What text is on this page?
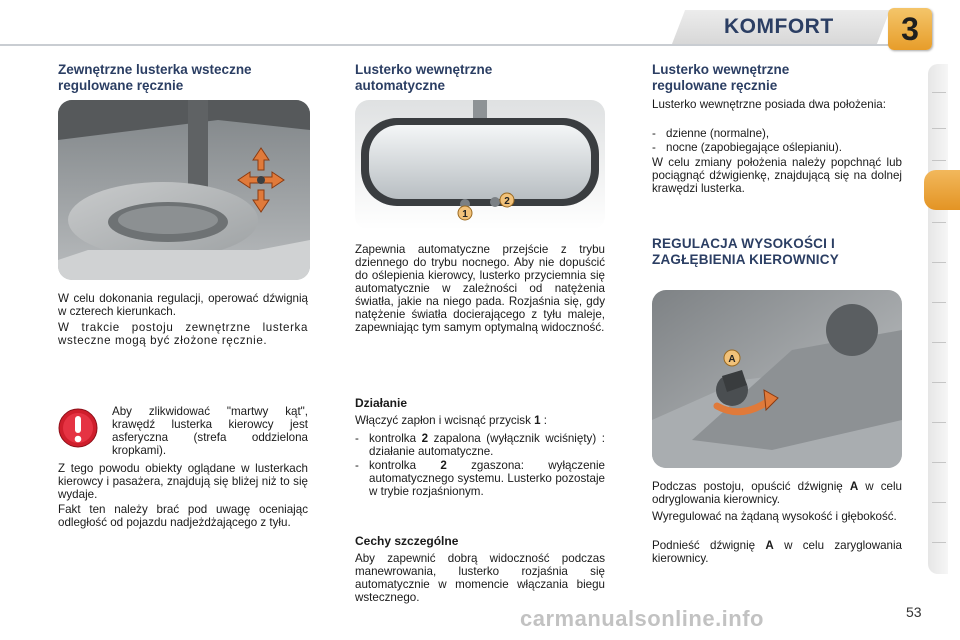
KOMFORT	3
Zewnętrzne lusterka wsteczne
regulowane ręcznie
W celu dokonania regulacji, operować dźwignią w czterech kierunkach.
W trakcie postoju zewnętrzne lusterka wsteczne mogą być złożone ręcznie.
Aby zlikwidować "martwy kąt", krawędź lusterka kierowcy jest asferyczna (strefa oddzielona kropkami).
Z tego powodu obiekty oglądane w lusterkach kierowcy i pasażera, znajdują się bliżej niż to się wydaje.
Fakt ten należy brać pod uwagę oceniając odległość od pojazdu nadjeżdżającego z tyłu.
Lusterko wewnętrzne
automatyczne
1
2
Zapewnia automatyczne przejście z trybu dziennego do trybu nocnego. Aby nie dopuścić do oślepienia kierowcy, lusterko przyciemnia się automatycznie w zależności od natężenia światła, jakie na niego pada. Rozjaśnia się, gdy natężenie światła docierającego z tyłu maleje, zapewniając tym samym optymalną widoczność.
Działanie
Włączyć zapłon i wcisnąć przycisk 1 :
- kontrolka 2 zapalona (wyłącznik wciśnięty) : działanie automatyczne.
- kontrolka 2 zgaszona: wyłączenie automatycznego systemu. Lusterko pozostaje w trybie rozjaśnionym.
Cechy szczególne
Aby zapewnić dobrą widoczność podczas manewrowania, lusterko rozjaśnia się automatycznie w momencie włączania biegu wstecznego.
Lusterko wewnętrzne
regulowane ręcznie
Lusterko wewnętrzne posiada dwa położenia:
- dzienne (normalne),
- nocne (zapobiegające oślepianiu).
W celu zmiany położenia należy popchnąć lub pociągnąć dźwigienkę, znajdującą się na dolnej krawędzi lusterka.
REGULACJA WYSOKOŚCI I
ZAGŁĘBIENIA KIEROWNICY
A
Podczas postoju, opuścić dźwignię A w celu odryglowania kierownicy.
Wyregulować na żądaną wysokość i głębokość.
Podnieść dźwignię A w celu zaryglowania kierownicy.
carmanualsonline.info	53
